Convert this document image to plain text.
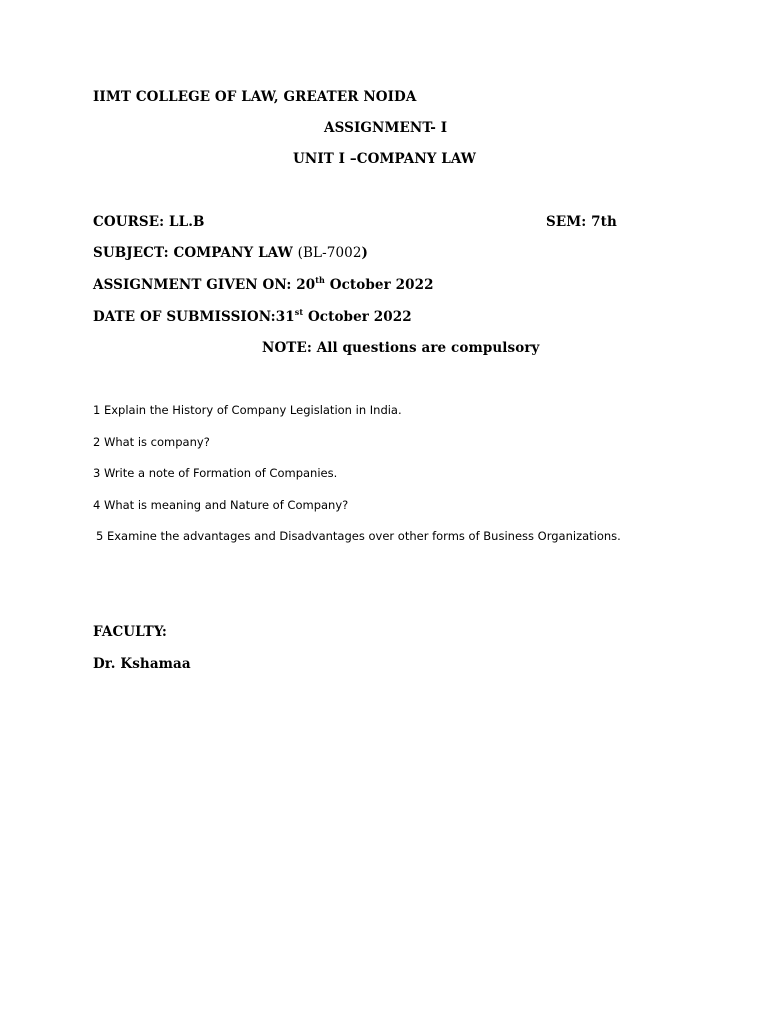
IIMT COLLEGE OF LAW, GREATER NOIDA
ASSIGNMENT- I
UNIT I –COMPANY LAW
COURSE: LL.B	SEM: 7th
SUBJECT: COMPANY LAW (BL-7002)
ASSIGNMENT GIVEN ON: 20th October 2022
DATE OF SUBMISSION:31st October 2022
NOTE: All questions are compulsory
1 Explain the History of Company Legislation in India.
2 What is company?
3 Write a note of Formation of Companies.
4 What is meaning and Nature of Company?
5 Examine the advantages and Disadvantages over other forms of Business Organizations.
FACULTY:
Dr. Kshamaa
